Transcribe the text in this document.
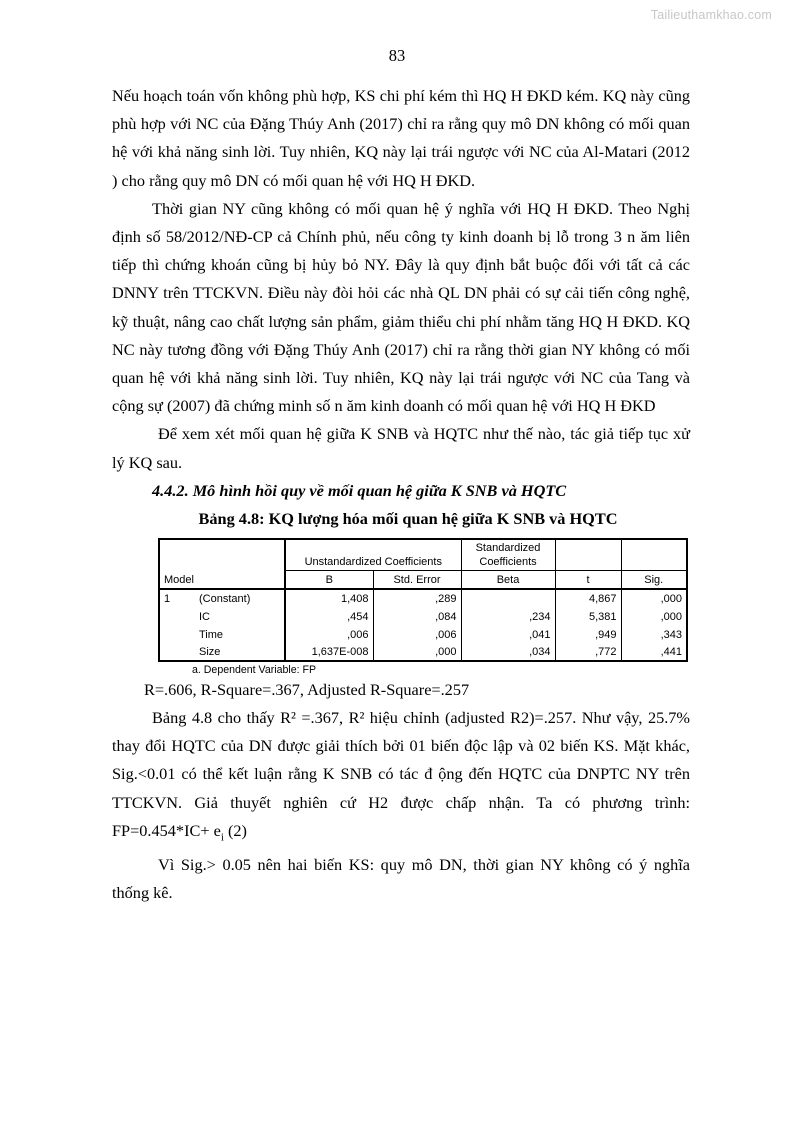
Tailieuthamkhao.com
83

Nếu hoạch toán vốn không phù hợp, KS chi phí kém thì HQ H ĐKD kém. KQ này cũng phù hợp với NC của Đặng Thúy Anh (2017) chỉ ra rằng quy mô DN không có mối quan hệ với khả năng sinh lời. Tuy nhiên, KQ này lại trái ngược với NC của Al-Matari (2012 ) cho rằng quy mô DN có mối quan hệ với HQ H ĐKD.

Thời gian NY cũng không có mối quan hệ ý nghĩa với HQ H ĐKD. Theo Nghị định số 58/2012/NĐ-CP cả Chính phủ, nếu công ty kinh doanh bị lỗ trong 3 n ăm liên tiếp thì chứng khoán cũng bị hủy bỏ NY. Đây là quy định bắt buộc đối với tất cả các DNNY trên TTCKVN. Điều này đòi hỏi các nhà QL DN phải có sự cải tiến công nghệ, kỹ thuật, nâng cao chất lượng sản phẩm, giảm thiểu chi phí nhằm tăng HQ H ĐKD. KQ NC này tương đồng với Đặng Thúy Anh (2017) chỉ ra rằng thời gian NY không có mối quan hệ với khả năng sinh lời. Tuy nhiên, KQ này lại trái ngược với NC của Tang và cộng sự (2007) đã chứng minh số n ăm kinh doanh có mối quan hệ với HQ H ĐKD

Để xem xét mối quan hệ giữa K SNB và HQTC như thế nào, tác giả tiếp tục xử lý KQ sau.

4.4.2. Mô hình hồi quy về mối quan hệ giữa K SNB và HQTC

Bảng 4.8: KQ lượng hóa mối quan hệ giữa K SNB và HQTC

		Unstandardized Coefficients		Standardized Coefficients		
Model		B	Std. Error	Beta	t	Sig.
1	(Constant)	1,408	,289		4,867	,000
	IC	,454	,084	,234	5,381	,000
	Time	,006	,006	,041	,949	,343
	Size	1,637E-008	,000	,034	,772	,441
a. Dependent Variable: FP

R=.606, R-Square=.367, Adjusted R-Square=.257

Bảng 4.8 cho thấy R² =.367, R² hiệu chỉnh (adjusted R2)=.257. Như vậy, 25.7% thay đổi HQTC của DN được giải thích bởi 01 biến độc lập và 02 biến KS. Mặt khác, Sig.<0.01 có thể kết luận rằng K SNB có tác đ ộng đến HQTC của DNPTC NY trên TTCKVN. Giả thuyết nghiên cứ H2 được chấp nhận. Ta có phương trình: $FP=0.454*IC+ e_i$ (2)

Vì Sig.> 0.05 nên hai biến KS: quy mô DN, thời gian NY không có ý nghĩa thống kê.
